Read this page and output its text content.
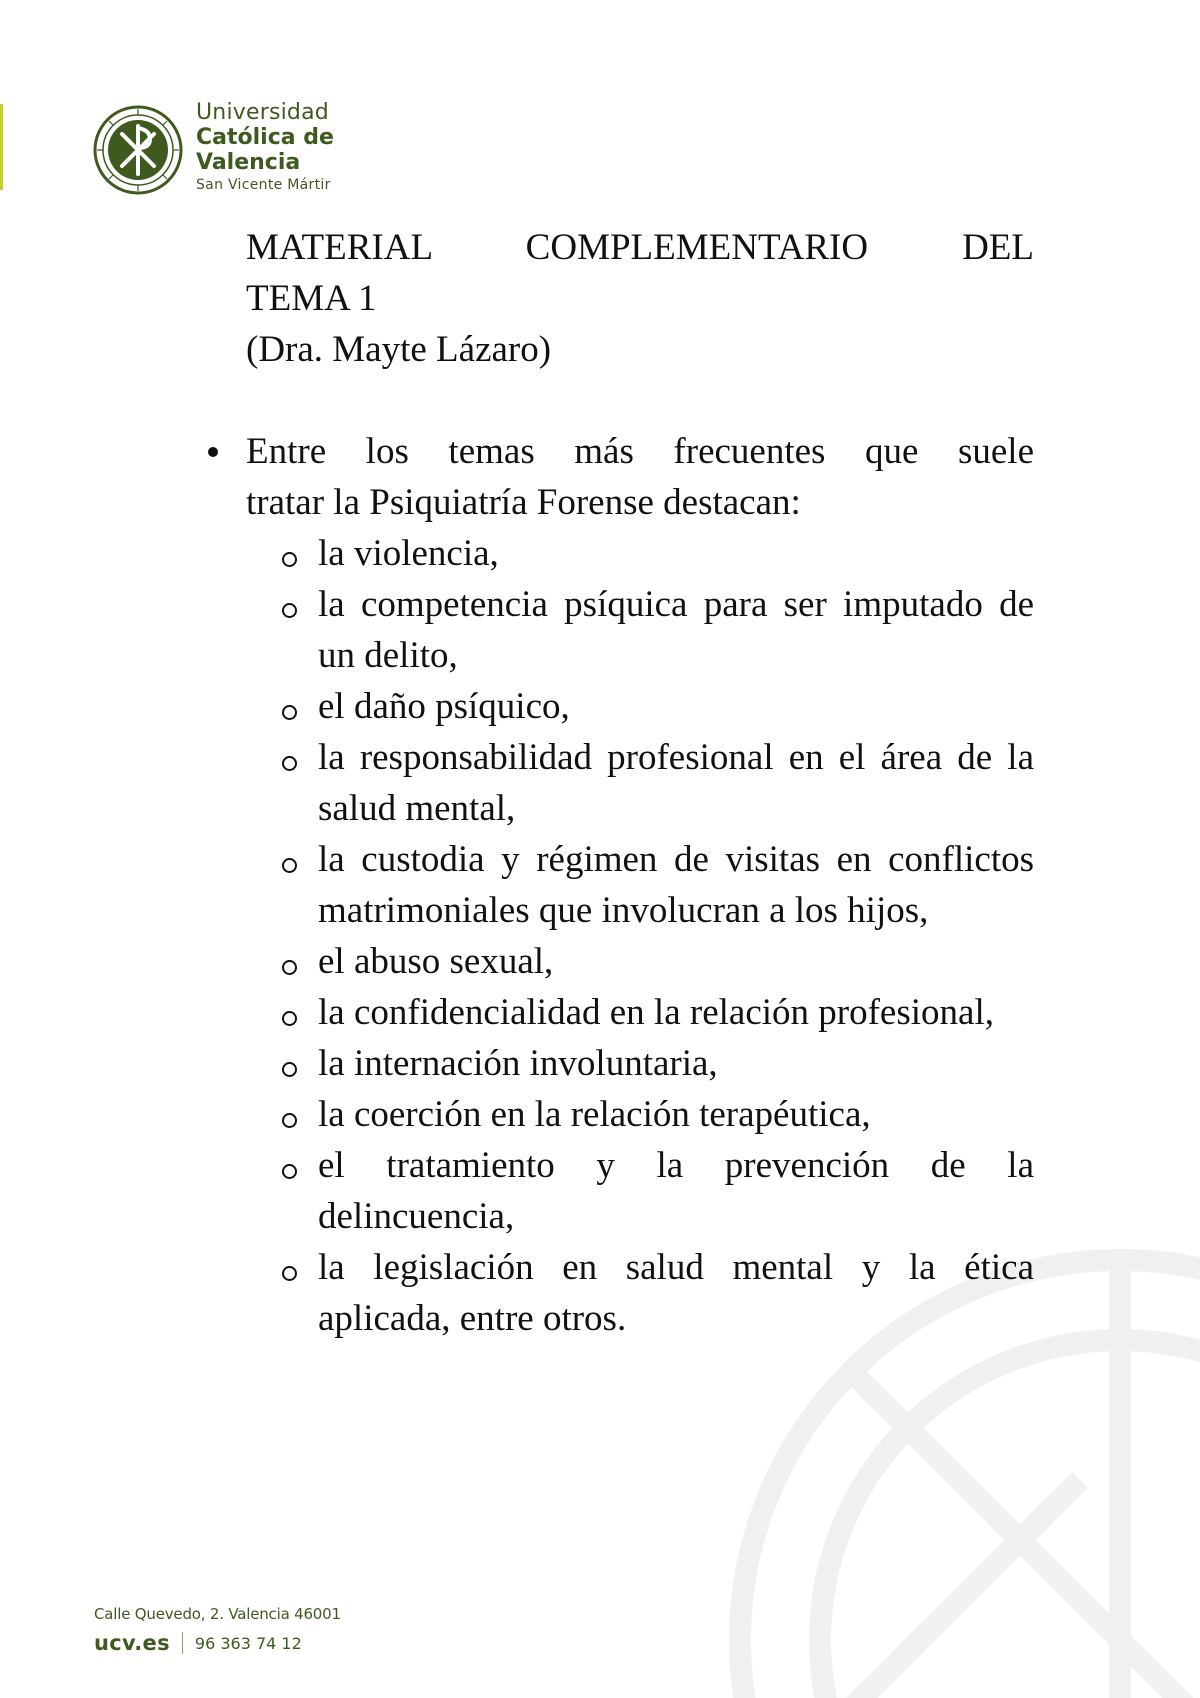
Universidad
Católica de
Valencia
San Vicente Mártir
MATERIAL COMPLEMENTARIO DEL
TEMA 1
(Dra. Mayte Lázaro)
Entre los temas más frecuentes que suele
tratar la Psiquiatría Forense destacan:
la violencia,
la competencia psíquica para ser imputado de un delito,
el daño psíquico,
la responsabilidad profesional en el área de la salud mental,
la custodia y régimen de visitas en conflictos matrimoniales que involucran a los hijos,
el abuso sexual,
la confidencialidad en la relación profesional,
la internación involuntaria,
la coerción en la relación terapéutica,
el tratamiento y la prevención de la delincuencia,
la legislación en salud mental y la ética aplicada, entre otros.
Calle Quevedo, 2. Valencia 46001
ucv.es 96 363 74 12
